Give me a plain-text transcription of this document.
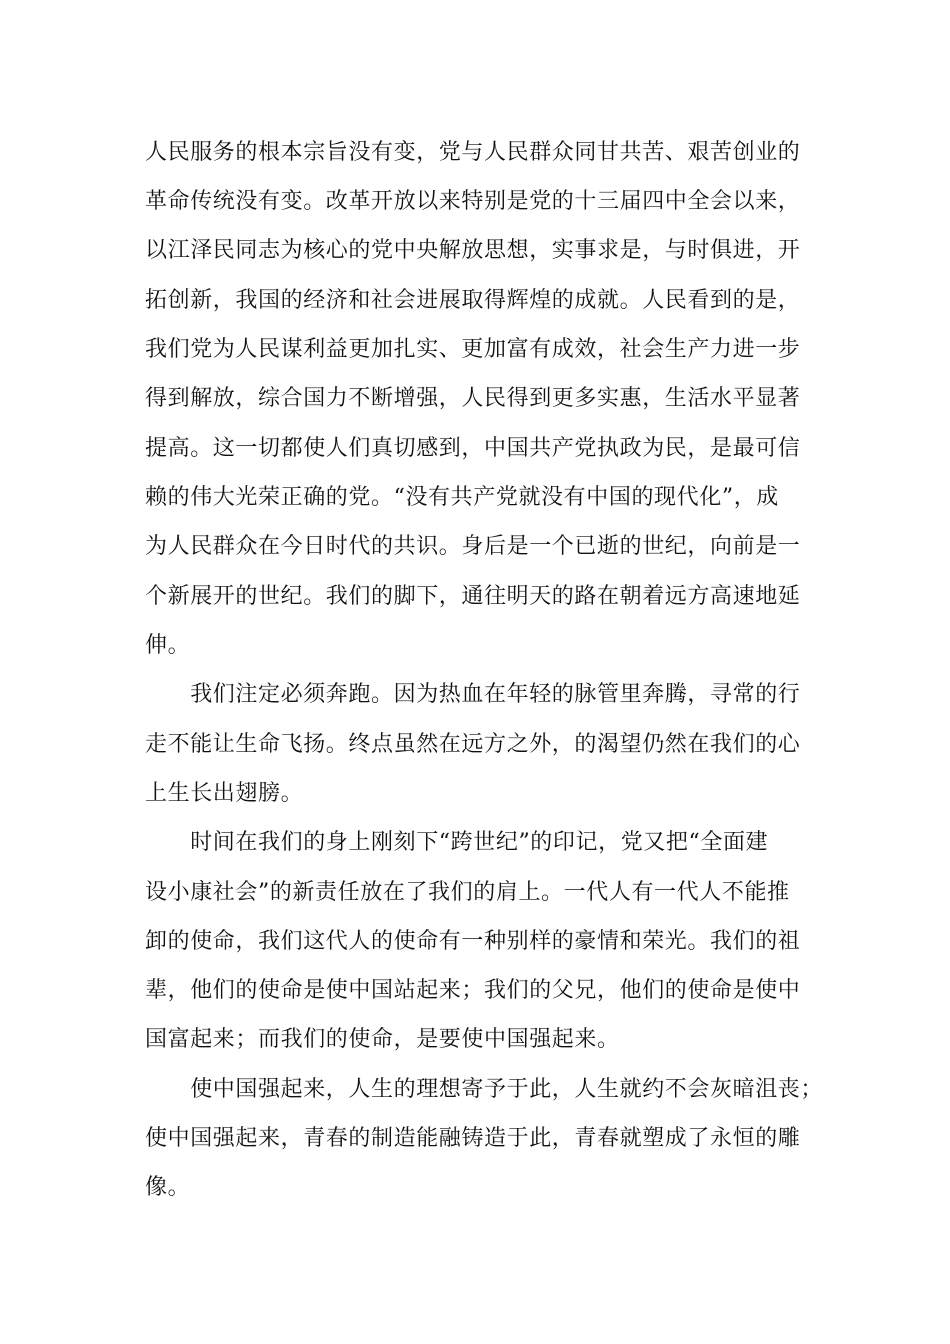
人民服务的根本宗旨没有变，党与人民群众同甘共苦、艰苦创业的
革命传统没有变。改革开放以来特别是党的十三届四中全会以来，
以江泽民同志为核心的党中央解放思想，实事求是，与时俱进，开
拓创新，我国的经济和社会进展取得辉煌的成就。人民看到的是，
我们党为人民谋利益更加扎实、更加富有成效，社会生产力进一步
得到解放，综合国力不断增强，人民得到更多实惠，生活水平显著
提高。这一切都使人们真切感到，中国共产党执政为民，是最可信
赖的伟大光荣正确的党。“没有共产党就没有中国的现代化”，成
为人民群众在今日时代的共识。身后是一个已逝的世纪，向前是一
个新展开的世纪。我们的脚下，通往明天的路在朝着远方高速地延
伸。
　　我们注定必须奔跑。因为热血在年轻的脉管里奔腾，寻常的行
走不能让生命飞扬。终点虽然在远方之外，的渴望仍然在我们的心
上生长出翅膀。
　　时间在我们的身上刚刻下“跨世纪”的印记，党又把“全面建
设小康社会”的新责任放在了我们的肩上。一代人有一代人不能推
卸的使命，我们这代人的使命有一种别样的豪情和荣光。我们的祖
辈，他们的使命是使中国站起来；我们的父兄，他们的使命是使中
国富起来；而我们的使命，是要使中国强起来。
　　使中国强起来，人生的理想寄予于此，人生就约不会灰暗沮丧；
使中国强起来，青春的制造能融铸造于此，青春就塑成了永恒的雕
像。
